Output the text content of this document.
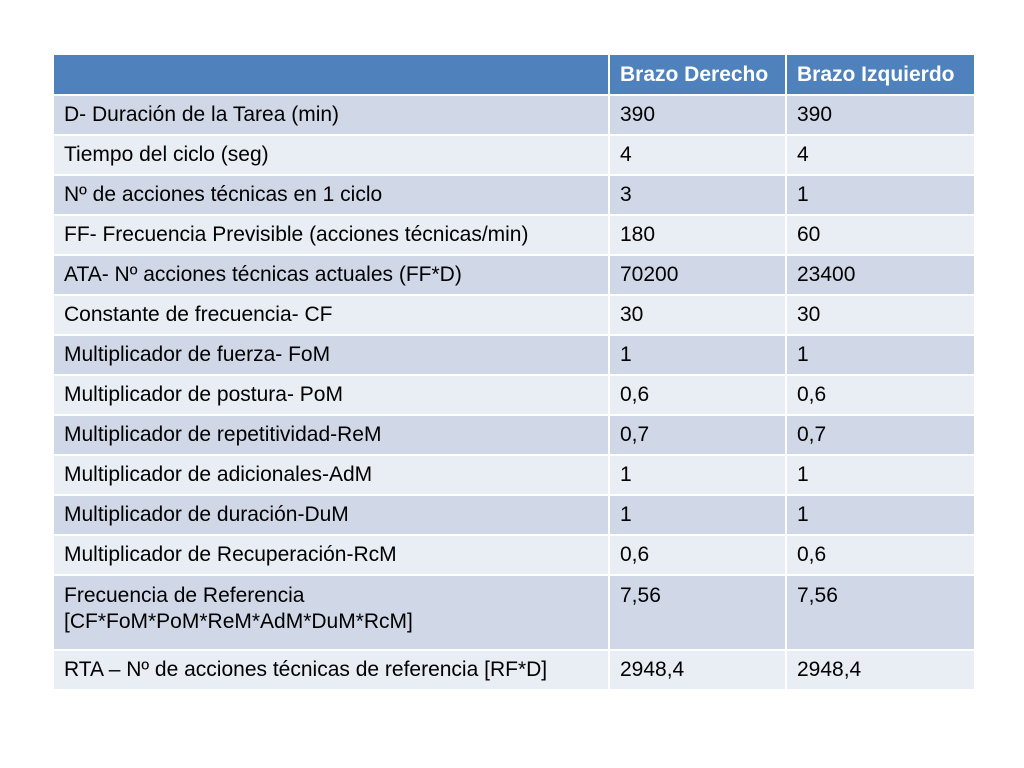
	Brazo Derecho	Brazo Izquierdo
D- Duración de la Tarea (min)	390	390
Tiempo del ciclo (seg)	4	4
Nº de acciones técnicas en 1 ciclo	3	1
FF- Frecuencia Previsible (acciones técnicas/min)	180	60
ATA- Nº acciones técnicas actuales (FF*D)	70200	23400
Constante de frecuencia- CF	30	30
Multiplicador de fuerza- FoM	1	1
Multiplicador de postura- PoM	0,6	0,6
Multiplicador de repetitividad-ReM	0,7	0,7
Multiplicador de adicionales-AdM	1	1
Multiplicador de duración-DuM	1	1
Multiplicador de Recuperación-RcM	0,6	0,6

Frecuencia de Referencia
[CF*FoM*PoM*ReM*AdM*DuM*RcM]	7,56	7,56
RTA – Nº de acciones técnicas de referencia [RF*D]	2948,4	2948,4
